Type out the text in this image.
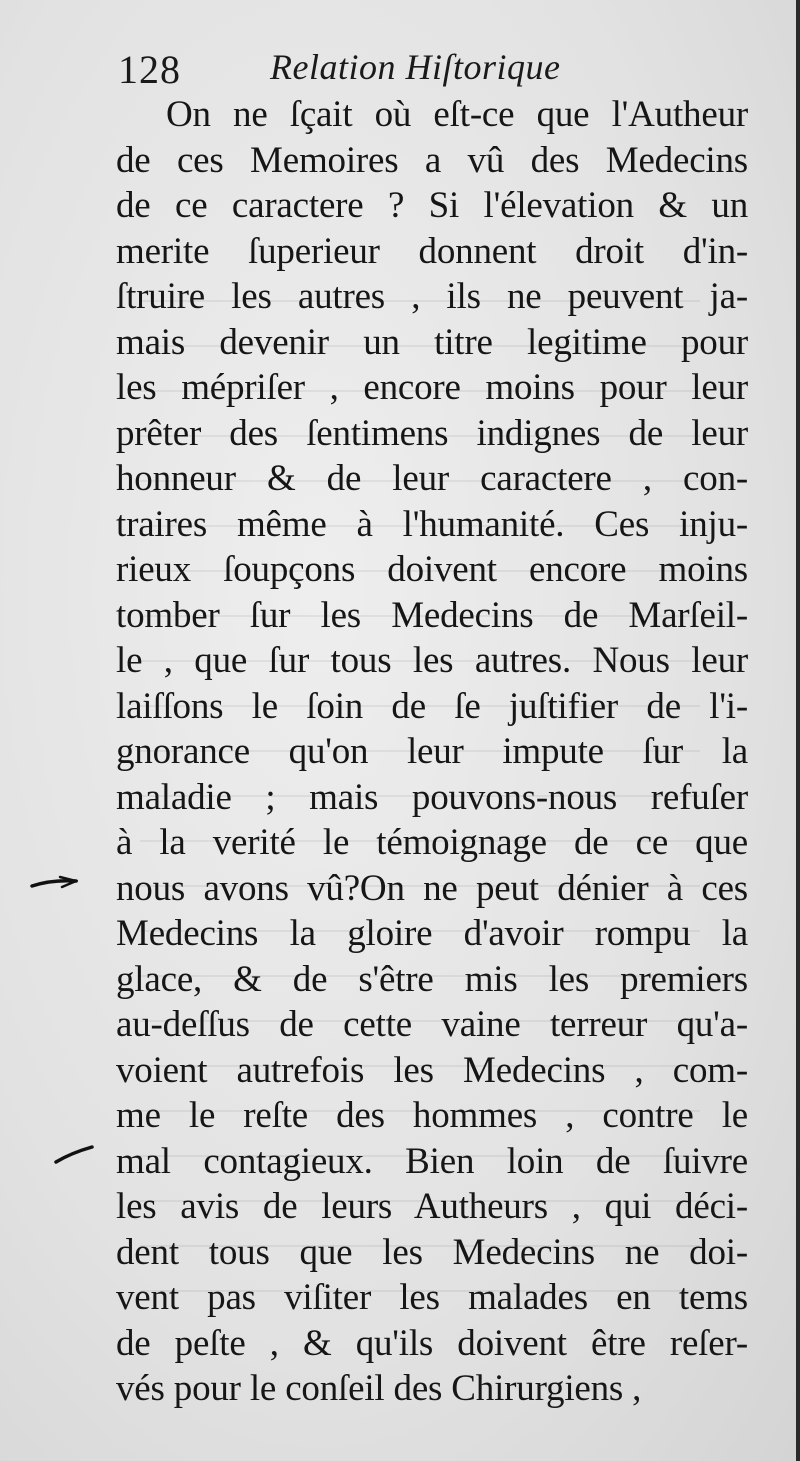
128 Relation Hiſtorique
On ne ſçait où eſt-ce que l'Autheur
de ces Memoires a vû des Medecins
de ce caractere ? Si l'élevation & un
merite ſuperieur donnent droit d'in-
ſtruire les autres , ils ne peuvent ja-
mais devenir un titre legitime pour
les mépriſer , encore moins pour leur
prêter des ſentimens indignes de leur
honneur & de leur caractere , con-
traires même à l'humanité. Ces inju-
rieux ſoupçons doivent encore moins
tomber ſur les Medecins de Marſeil-
le , que ſur tous les autres. Nous leur
laiſſons le ſoin de ſe juſtifier de l'i-
gnorance qu'on leur impute ſur la
maladie ; mais pouvons-nous refuſer
à la verité le témoignage de ce que
nous avons vû?On ne peut dénier à ces
Medecins la gloire d'avoir rompu la
glace, & de s'être mis les premiers
au-deſſus de cette vaine terreur qu'a-
voient autrefois les Medecins , com-
me le reſte des hommes , contre le
mal contagieux. Bien loin de ſuivre
les avis de leurs Autheurs , qui déci-
dent tous que les Medecins ne doi-
vent pas viſiter les malades en tems
de peſte , & qu'ils doivent être reſer-
vés pour le conſeil des Chirurgiens ,
